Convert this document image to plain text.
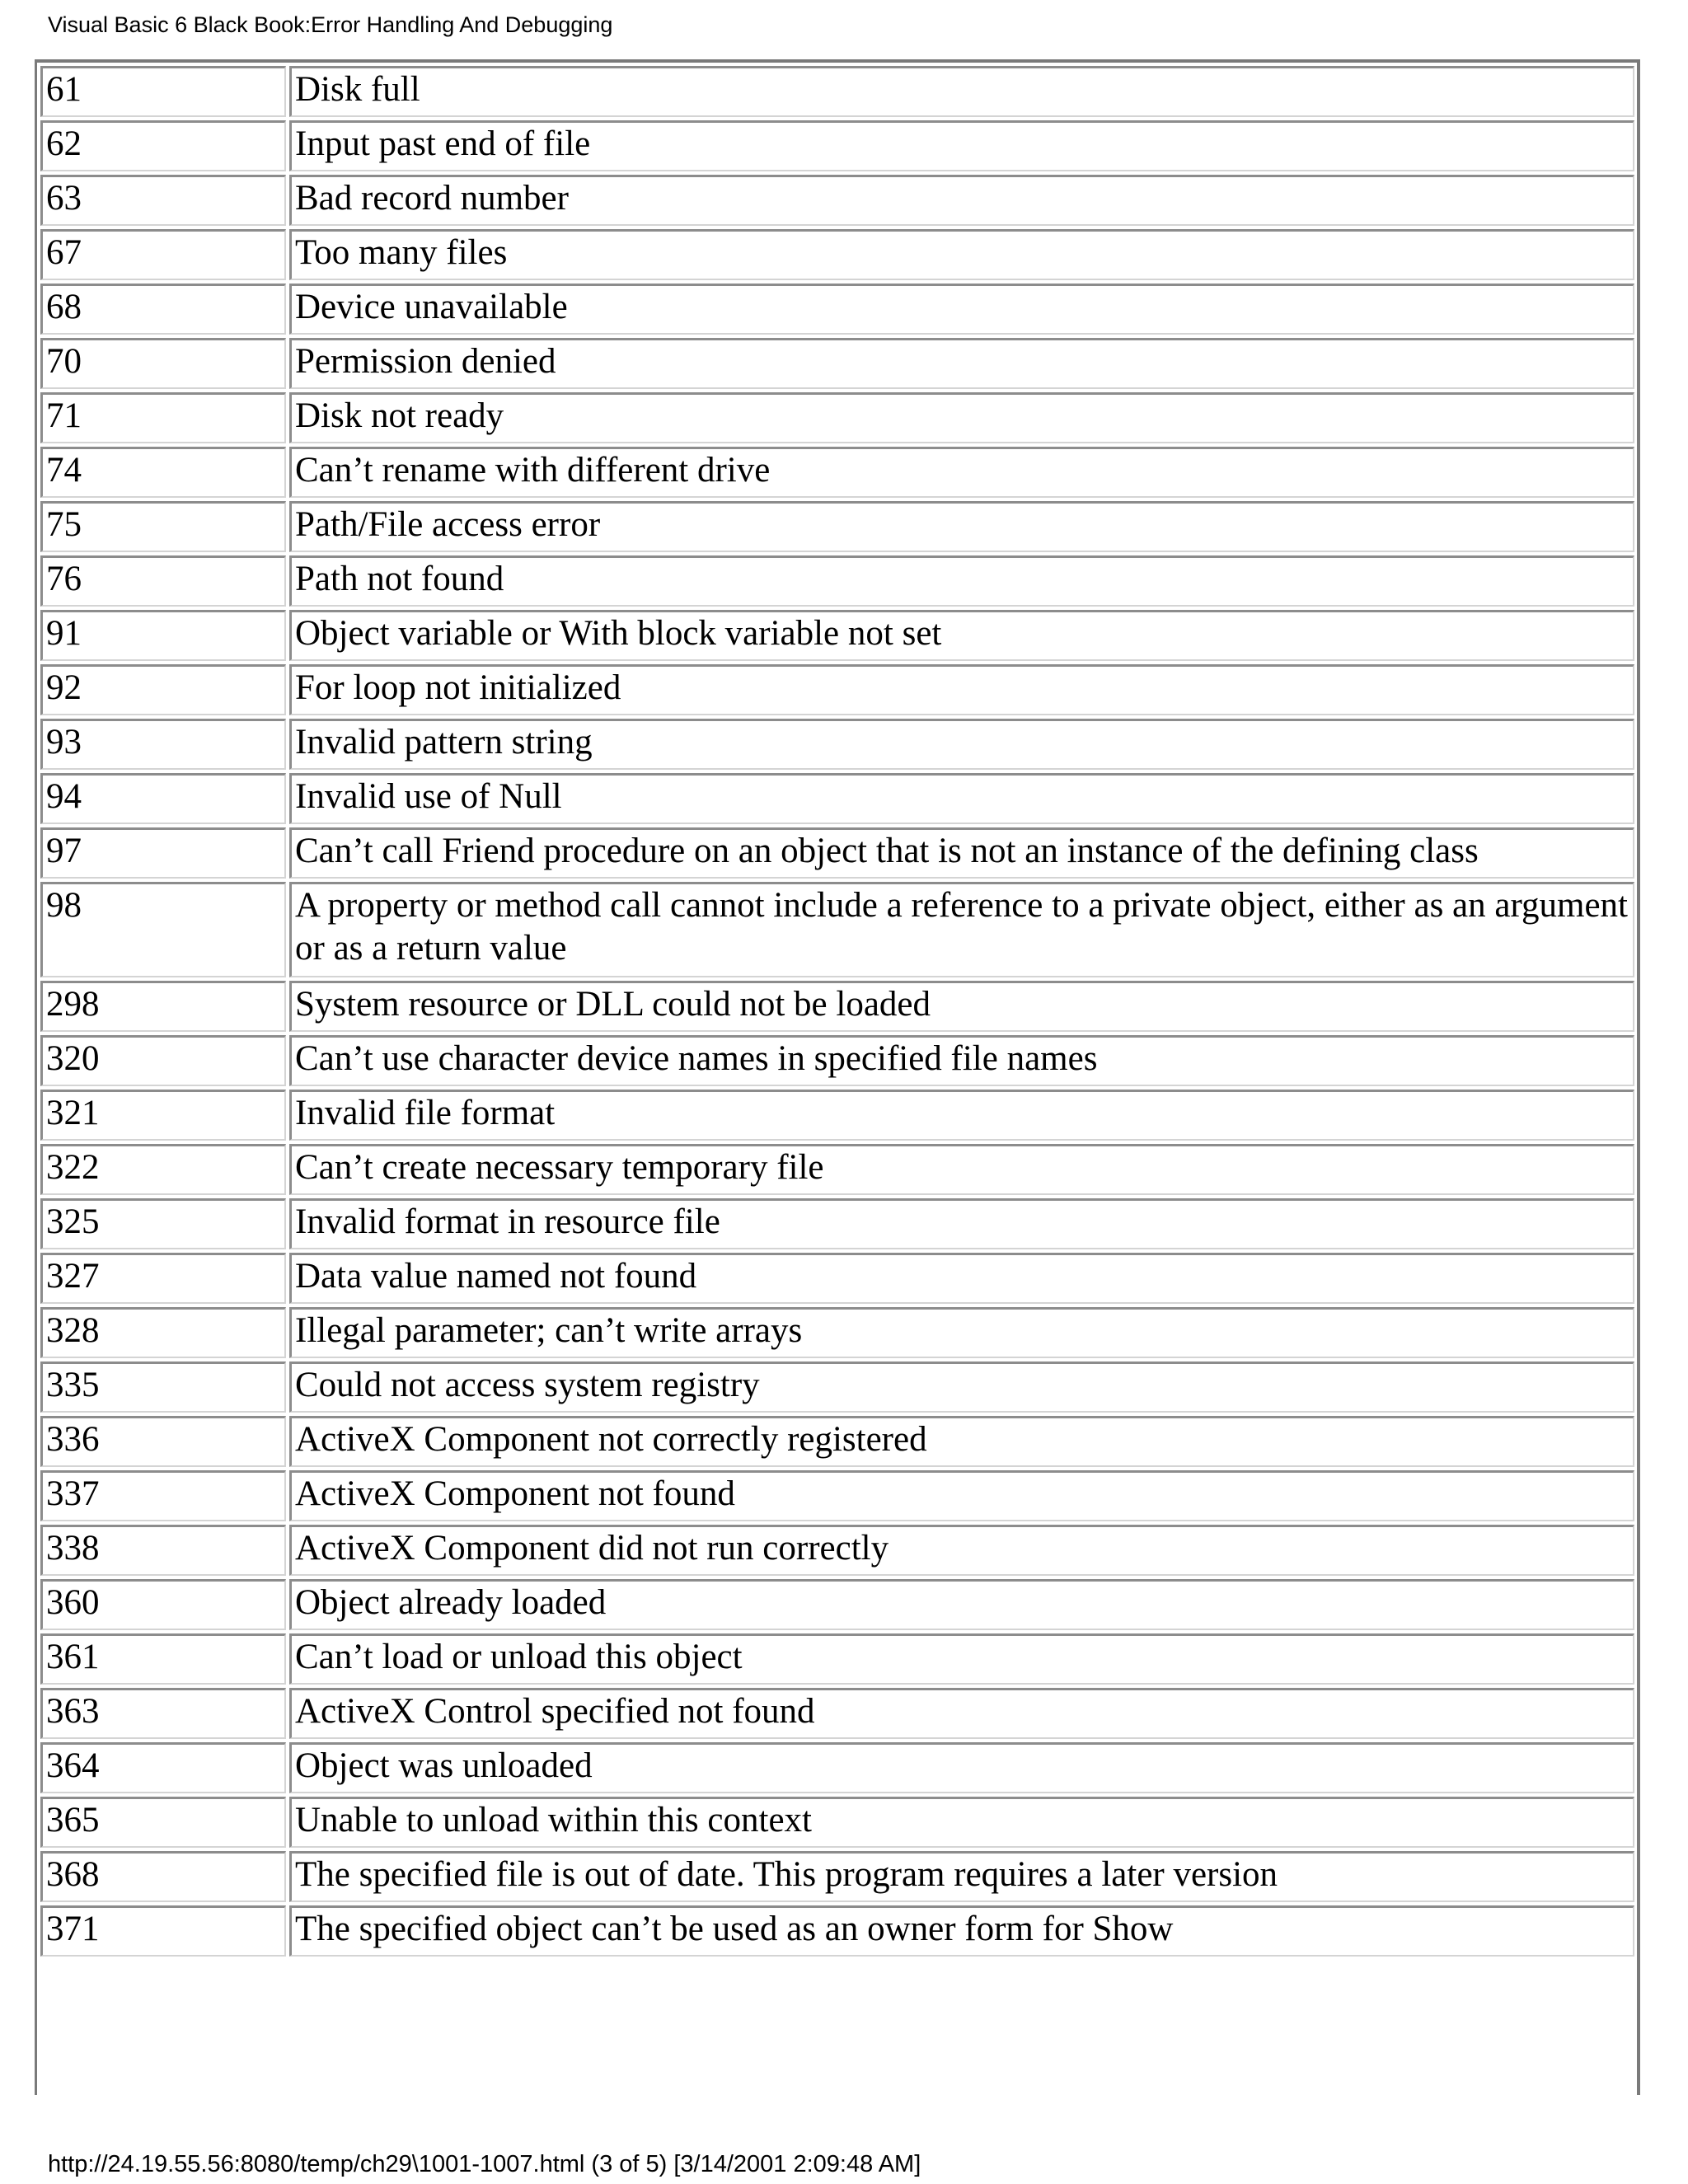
Visual Basic 6 Black Book:Error Handling And Debugging
61	Disk full
62	Input past end of file
63	Bad record number
67	Too many files
68	Device unavailable
70	Permission denied
71	Disk not ready
74	Can’t rename with different drive
75	Path/File access error
76	Path not found
91	Object variable or With block variable not set
92	For loop not initialized
93	Invalid pattern string
94	Invalid use of Null
97	Can’t call Friend procedure on an object that is not an instance of the defining class
98	A property or method call cannot include a reference to a private object, either as an argument or as a return value
298	System resource or DLL could not be loaded
320	Can’t use character device names in specified file names
321	Invalid file format
322	Can’t create necessary temporary file
325	Invalid format in resource file
327	Data value named not found
328	Illegal parameter; can’t write arrays
335	Could not access system registry
336	ActiveX Component not correctly registered
337	ActiveX Component not found
338	ActiveX Component did not run correctly
360	Object already loaded
361	Can’t load or unload this object
363	ActiveX Control specified not found
364	Object was unloaded
365	Unable to unload within this context
368	The specified file is out of date. This program requires a later version
371	The specified object can’t be used as an owner form for Show
http://24.19.55.56:8080/temp/ch29\1001-1007.html (3 of 5) [3/14/2001 2:09:48 AM]
